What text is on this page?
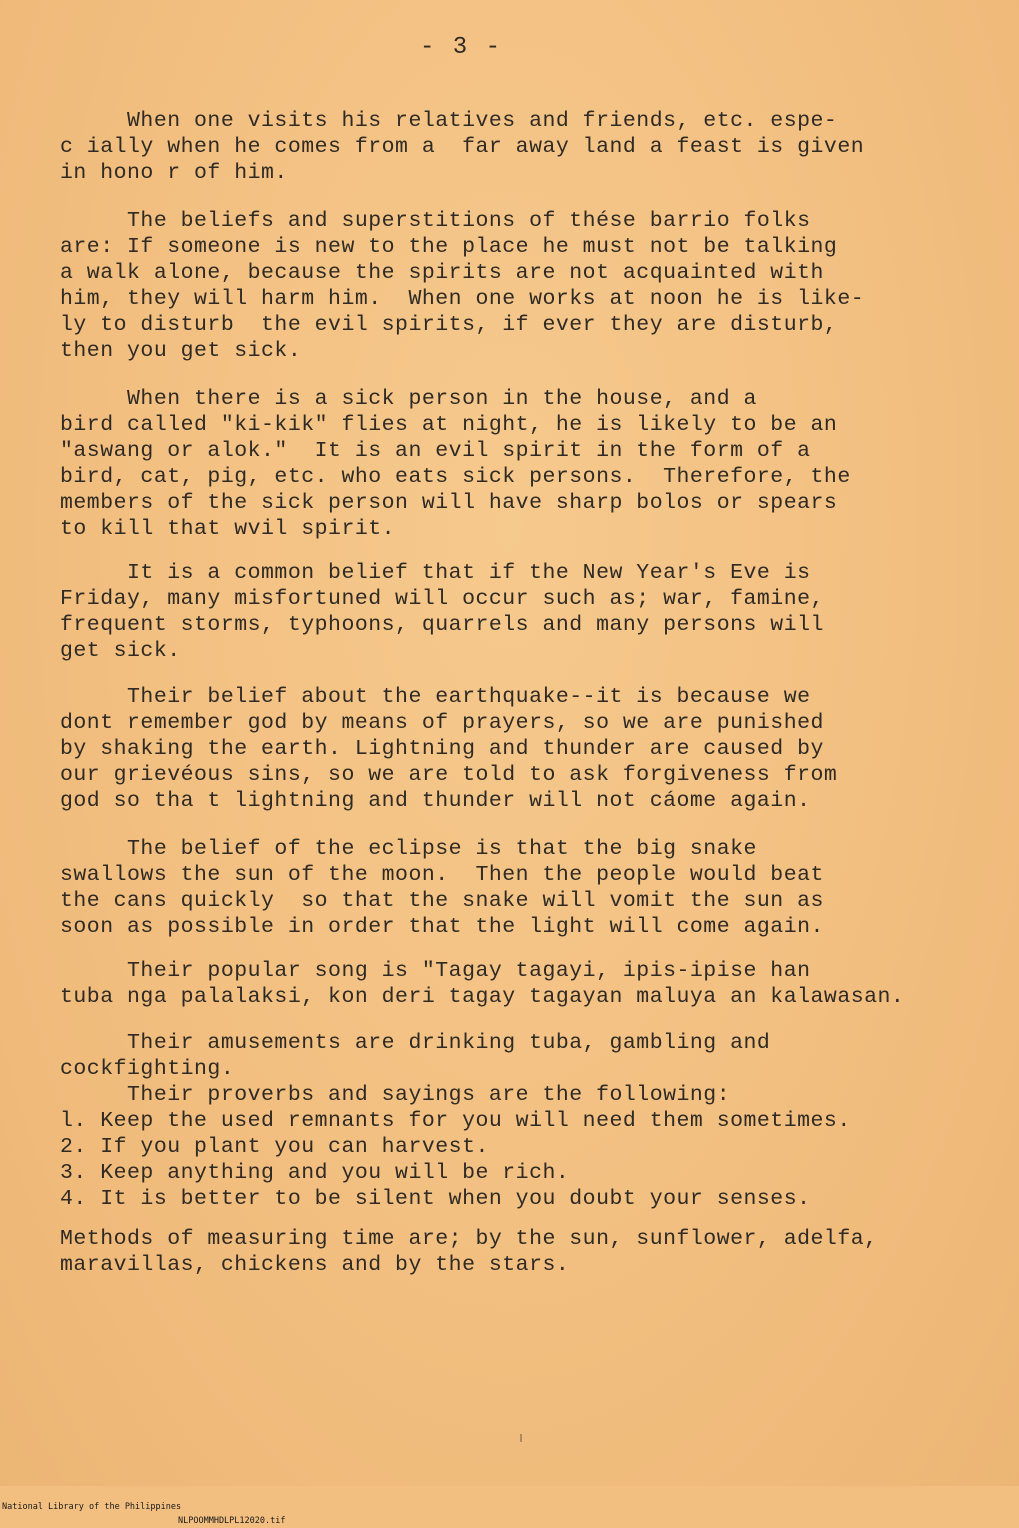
- 3 -
When one visits his relatives and friends, etc. espe-
c ially when he comes from a  far away land a feast is given
in hono r of him.
The beliefs and superstitions of thése barrio folks
are: If someone is new to the place he must not be talking
a walk alone, because the spirits are not acquainted with
him, they will harm him.  When one works at noon he is like-
ly to disturb  the evil spirits, if ever they are disturb,
then you get sick.
When there is a sick person in the house, and a
bird called "ki-kik" flies at night, he is likely to be an
"aswang or alok."  It is an evil spirit in the form of a
bird, cat, pig, etc. who eats sick persons.  Therefore, the
members of the sick person will have sharp bolos or spears
to kill that wvil spirit.
It is a common belief that if the New Year's Eve is
Friday, many misfortuned will occur such as; war, famine,
frequent storms, typhoons, quarrels and many persons will
get sick.
Their belief about the earthquake--it is because we
dont remember god by means of prayers, so we are punished
by shaking the earth. Lightning and thunder are caused by
our grievéous sins, so we are told to ask forgiveness from
god so tha t lightning and thunder will not cáome again.
The belief of the eclipse is that the big snake
swallows the sun of the moon.  Then the people would beat
the cans quickly  so that the snake will vomit the sun as
soon as possible in order that the light will come again.
Their popular song is "Tagay tagayi, ipis-ipise han
tuba nga palalaksi, kon deri tagay tagayan maluya an kalawasan.
Their amusements are drinking tuba, gambling and
cockfighting.
Their proverbs and sayings are the following:
l. Keep the used remnants for you will need them sometimes.
2. If you plant you can harvest.
3. Keep anything and you will be rich.
4. It is better to be silent when you doubt your senses.
Methods of measuring time are; by the sun, sunflower, adelfa,
maravillas, chickens and by the stars.

National Library of the Philippines

NLPOOMMHDLPL12020.tif
